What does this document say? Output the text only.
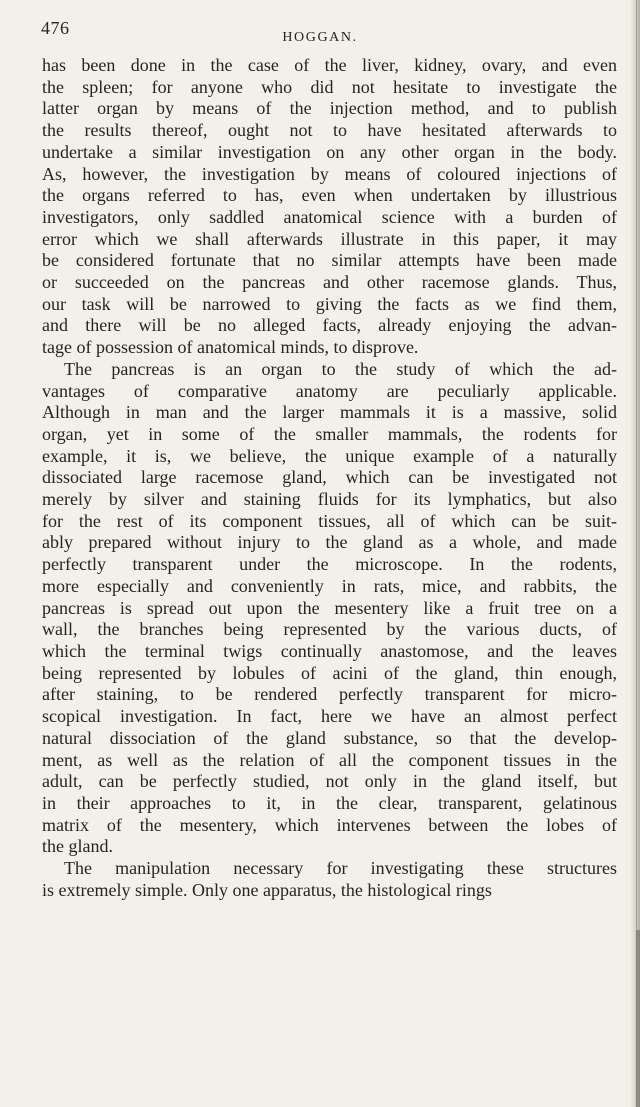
476	HOGGAN.
has been done in the case of the liver, kidney, ovary, and even
the spleen; for anyone who did not hesitate to investigate the
latter organ by means of the injection method, and to publish
the results thereof, ought not to have hesitated afterwards to
undertake a similar investigation on any other organ in the body.
As, however, the investigation by means of coloured injections of
the organs referred to has, even when undertaken by illustrious
investigators, only saddled anatomical science with a burden of
error which we shall afterwards illustrate in this paper, it may
be considered fortunate that no similar attempts have been made
or succeeded on the pancreas and other racemose glands. Thus,
our task will be narrowed to giving the facts as we find them,
and there will be no alleged facts, already enjoying the advan-
tage of possession of anatomical minds, to disprove.
The pancreas is an organ to the study of which the ad-
vantages of comparative anatomy are peculiarly applicable.
Although in man and the larger mammals it is a massive, solid
organ, yet in some of the smaller mammals, the rodents for
example, it is, we believe, the unique example of a naturally
dissociated large racemose gland, which can be investigated not
merely by silver and staining fluids for its lymphatics, but also
for the rest of its component tissues, all of which can be suit-
ably prepared without injury to the gland as a whole, and made
perfectly transparent under the microscope. In the rodents,
more especially and conveniently in rats, mice, and rabbits, the
pancreas is spread out upon the mesentery like a fruit tree on a
wall, the branches being represented by the various ducts, of
which the terminal twigs continually anastomose, and the leaves
being represented by lobules of acini of the gland, thin enough,
after staining, to be rendered perfectly transparent for micro-
scopical investigation. In fact, here we have an almost perfect
natural dissociation of the gland substance, so that the develop-
ment, as well as the relation of all the component tissues in the
adult, can be perfectly studied, not only in the gland itself, but
in their approaches to it, in the clear, transparent, gelatinous
matrix of the mesentery, which intervenes between the lobes of
the gland.
The manipulation necessary for investigating these structures
is extremely simple. Only one apparatus, the histological rings
